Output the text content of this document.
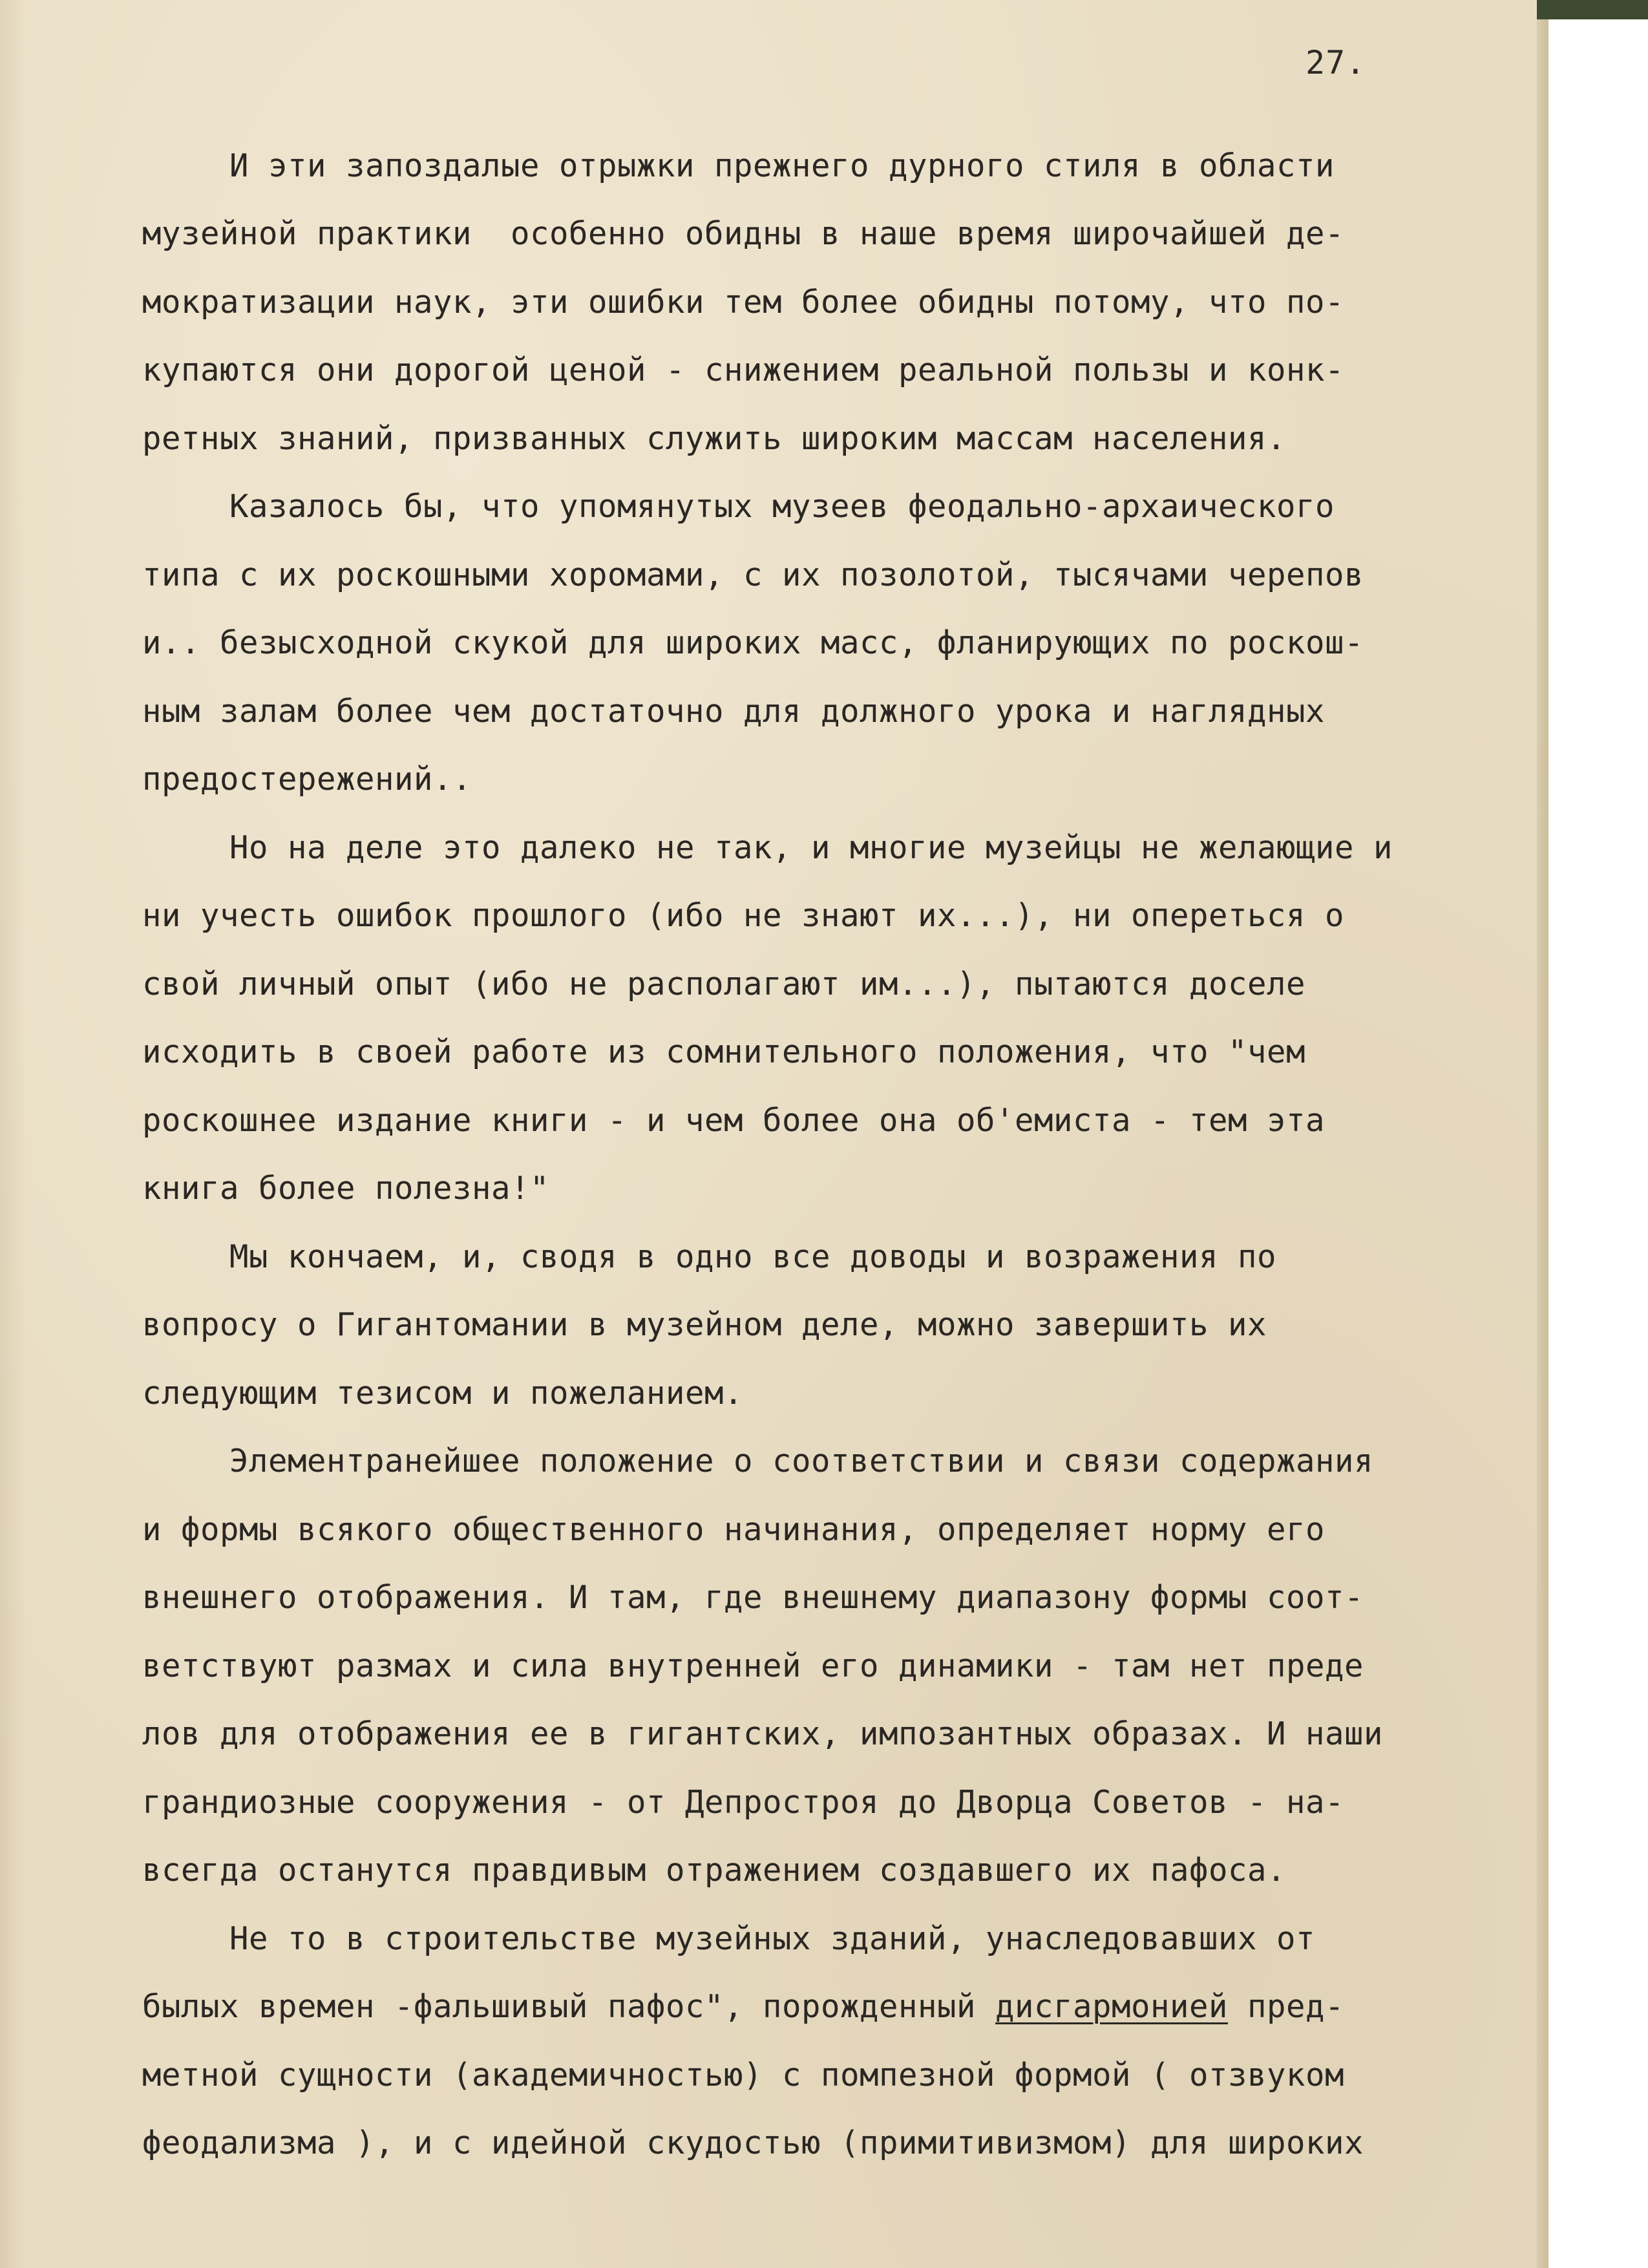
27.
И эти запоздалые отрыжки прежнего дурного стиля в области
музейной практики  особенно обидны в наше время широчайшей де-
мократизации наук, эти ошибки тем более обидны потому, что по-
купаются они дорогой ценой - снижением реальной пользы и конк-
ретных знаний, призванных служить широким массам населения.
Казалось бы, что упомянутых музеев феодально-архаического
типа с их роскошными хоромами, с их позолотой, тысячами черепов
и.. безысходной скукой для широких масс, фланирующих по роскош-
ным залам более чем достаточно для должного урока и наглядных
предостережений..
Но на деле это далеко не так, и многие музейцы не желающие и
ни учесть ошибок прошлого (ибо не знают их...), ни опереться о
свой личный опыт (ибо не располагают им...), пытаются доселе
исходить в своей работе из сомнительного положения, что "чем
роскошнее издание книги - и чем более она об'емиста - тем эта
книга более полезна!"
Мы кончаем, и, сводя в одно все доводы и возражения по
вопросу о Гигантомании в музейном деле, можно завершить их
следующим тезисом и пожеланием.
Элементранейшее положение о соответствии и связи содержания
и формы всякого общественного начинания, определяет норму его
внешнего отображения. И там, где внешнему диапазону формы соот-
ветствуют размах и сила внутренней его динамики - там нет преде
лов для отображения ее в гигантских, импозантных образах. И наши
грандиозные сооружения - от Депростроя до Дворца Советов - на-
всегда останутся правдивым отражением создавшего их пафоса.
Не то в строительстве музейных зданий, унаследовавших от
былых времен -фальшивый пафос", порожденный дисгармонией пред-
метной сущности (академичностью) с помпезной формой ( отзвуком
феодализма ), и с идейной скудостью (примитивизмом) для широких
